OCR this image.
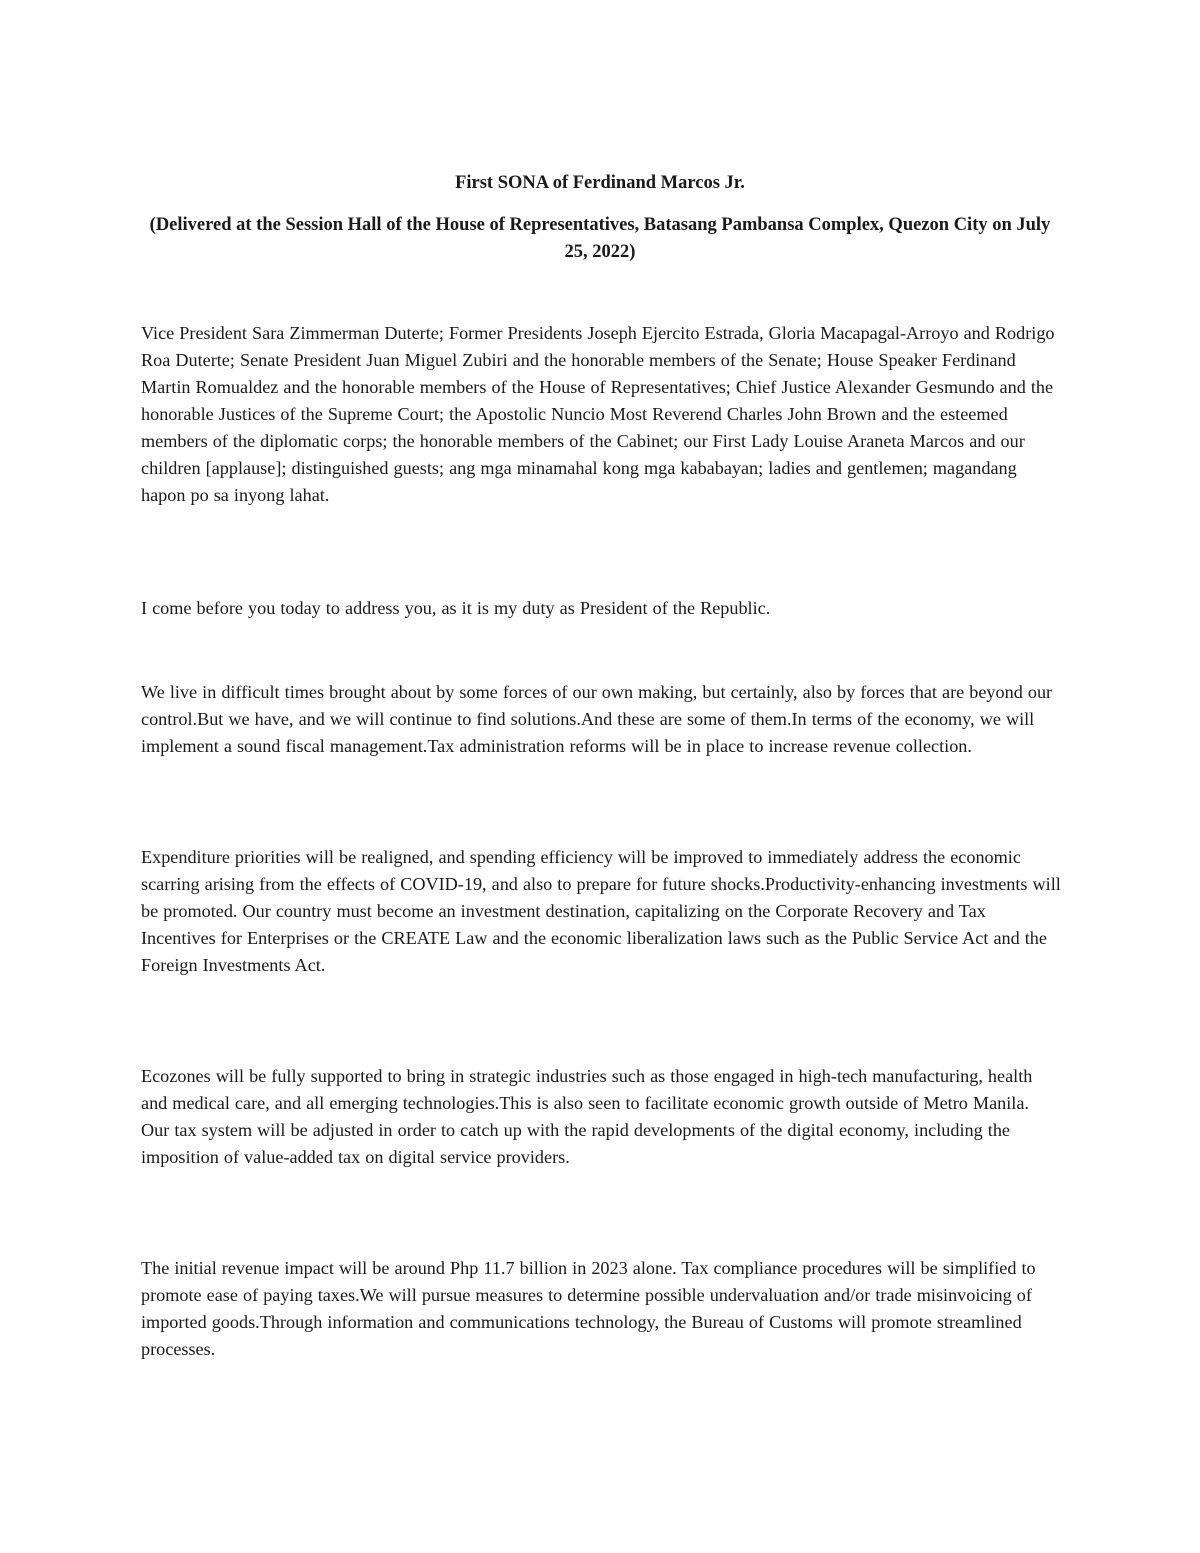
First SONA of Ferdinand Marcos Jr.
(Delivered at the Session Hall of the House of Representatives, Batasang Pambansa Complex, Quezon City on July 25, 2022)

Vice President Sara Zimmerman Duterte; Former Presidents Joseph Ejercito Estrada, Gloria Macapagal-Arroyo and Rodrigo Roa Duterte; Senate President Juan Miguel Zubiri and the honorable members of the Senate; House Speaker Ferdinand Martin Romualdez and the honorable members of the House of Representatives; Chief Justice Alexander Gesmundo and the honorable Justices of the Supreme Court; the Apostolic Nuncio Most Reverend Charles John Brown and the esteemed members of the diplomatic corps; the honorable members of the Cabinet; our First Lady Louise Araneta Marcos and our children [applause]; distinguished guests; ang mga minamahal kong mga kababayan; ladies and gentlemen; magandang hapon po sa inyong lahat.

I come before you today to address you, as it is my duty as President of the Republic.

We live in difficult times brought about by some forces of our own making, but certainly, also by forces that are beyond our control.But we have, and we will continue to find solutions.And these are some of them.In terms of the economy, we will implement a sound fiscal management.Tax administration reforms will be in place to increase revenue collection.

Expenditure priorities will be realigned, and spending efficiency will be improved to immediately address the economic scarring arising from the effects of COVID-19, and also to prepare for future shocks.Productivity-enhancing investments will be promoted. Our country must become an investment destination, capitalizing on the Corporate Recovery and Tax Incentives for Enterprises or the CREATE Law and the economic liberalization laws such as the Public Service Act and the Foreign Investments Act.

Ecozones will be fully supported to bring in strategic industries such as those engaged in high-tech manufacturing, health and medical care, and all emerging technologies.This is also seen to facilitate economic growth outside of Metro Manila. Our tax system will be adjusted in order to catch up with the rapid developments of the digital economy, including the imposition of value-added tax on digital service providers.

The initial revenue impact will be around Php 11.7 billion in 2023 alone. Tax compliance procedures will be simplified to promote ease of paying taxes.We will pursue measures to determine possible undervaluation and/or trade misinvoicing of imported goods.Through information and communications technology, the Bureau of Customs will promote streamlined processes.
